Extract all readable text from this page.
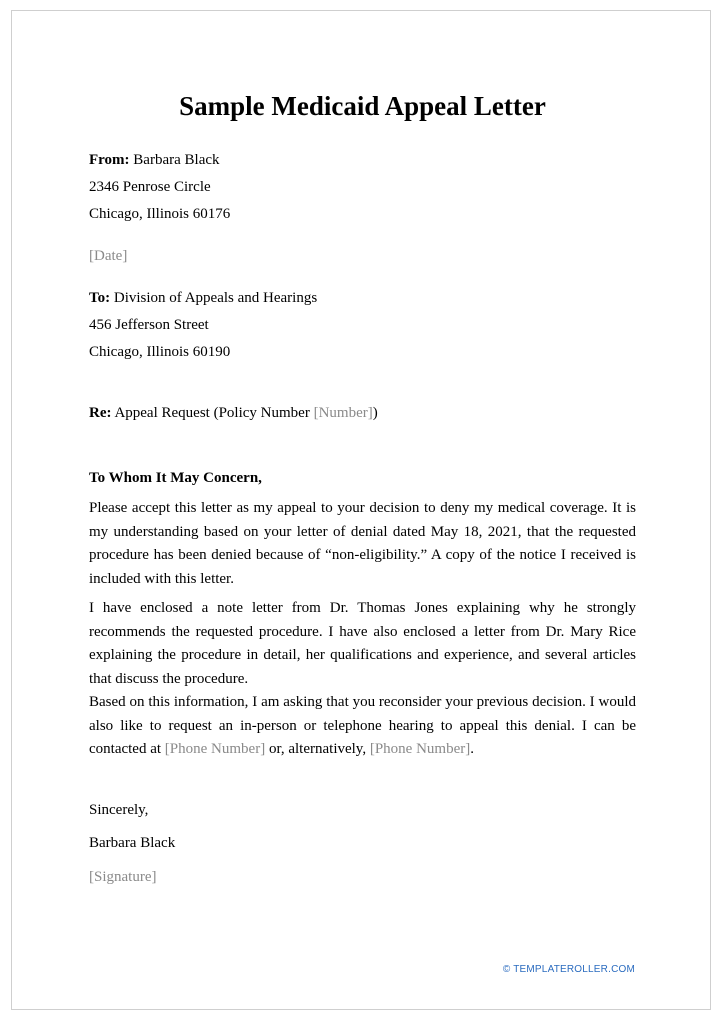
Sample Medicaid Appeal Letter
From: Barbara Black
2346 Penrose Circle
Chicago, Illinois 60176
[Date]
To: Division of Appeals and Hearings
456 Jefferson Street
Chicago, Illinois 60190
Re: Appeal Request (Policy Number [Number])
To Whom It May Concern,
Please accept this letter as my appeal to your decision to deny my medical coverage. It is my understanding based on your letter of denial dated May 18, 2021, that the requested procedure has been denied because of “non-eligibility.” A copy of the notice I received is included with this letter.
I have enclosed a note letter from Dr. Thomas Jones explaining why he strongly recommends the requested procedure. I have also enclosed a letter from Dr. Mary Rice explaining the procedure in detail, her qualifications and experience, and several articles that discuss the procedure.
Based on this information, I am asking that you reconsider your previous decision. I would also like to request an in-person or telephone hearing to appeal this denial. I can be contacted at [Phone Number] or, alternatively, [Phone Number].
Sincerely,
Barbara Black
[Signature]
© TEMPLATEROLLER.COM
